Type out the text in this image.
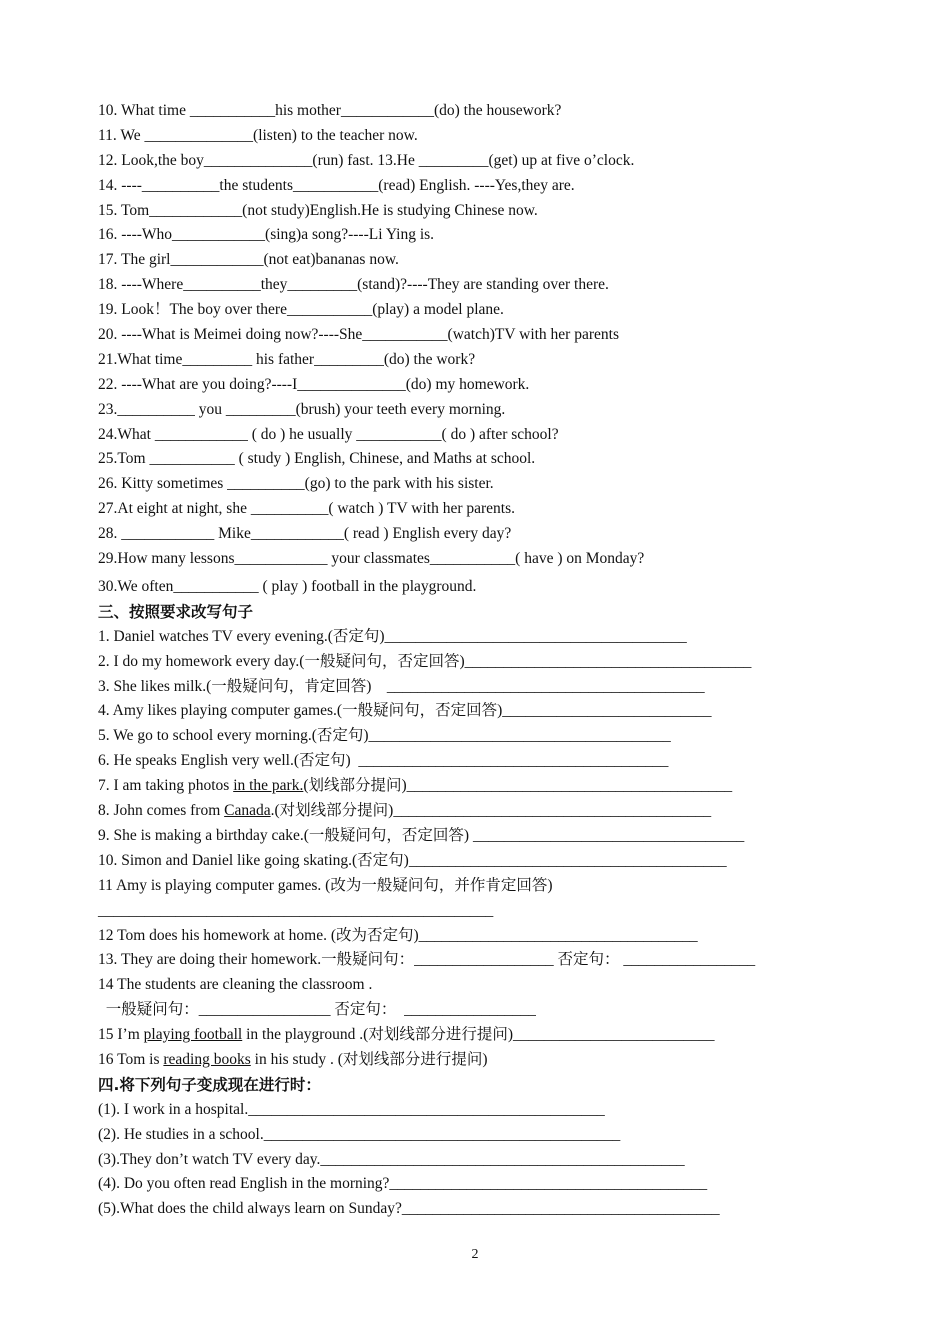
10. What time ___________his mother____________(do) the housework?
11. We ______________(listen) to the teacher now.
12. Look,the boy______________(run) fast. 13.He _________(get) up at five o’clock.
14. ----__________the students___________(read) English. ----Yes,they are.
15. Tom____________(not study)English.He is studying Chinese now.
16. ----Who____________(sing)a song?----Li Ying is.
17. The girl____________(not eat)bananas now.
18. ----Where__________they_________(stand)?----They are standing over there.
19. Look！The boy over there___________(play) a model plane.
20. ----What is Meimei doing now?----She___________(watch)TV with her parents
21.What time_________ his father_________(do) the work?
22. ----What are you doing?----I______________(do) my homework.
23.__________ you _________(brush) your teeth every morning.
24.What ____________ ( do ) he usually ___________( do ) after school?
25.Tom ___________ ( study ) English, Chinese, and Maths at school.
26. Kitty sometimes __________(go) to the park with his sister.
27.At eight at night, she __________( watch ) TV with her parents.
28. ____________ Mike____________( read ) English every day?
29.How many lessons____________ your classmates___________( have ) on Monday?
30.We often___________ ( play ) football in the playground.
三、按照要求改写句子
1. Daniel watches TV every evening.(否定句)_______________________________________
2. I do my homework every day.(一般疑问句，否定回答)_____________________________________
3. She likes milk.(一般疑问句，肯定回答)    _________________________________________
4. Amy likes playing computer games.(一般疑问句，否定回答)___________________________
5. We go to school every morning.(否定句)_______________________________________
6. He speaks English very well.(否定句)  ________________________________________
7. I am taking photos in the park.(划线部分提问)__________________________________________
8. John comes from Canada.(对划线部分提问)_________________________________________
9. She is making a birthday cake.(一般疑问句，否定回答) ___________________________________
10. Simon and Daniel like going skating.(否定句)_________________________________________
11 Amy is playing computer games. (改为一般疑问句，并作肯定回答)
___________________________________________________
12 Tom does his homework at home. (改为否定句)____________________________________
13. They are doing their homework.一般疑问句：__________________ 否定句： _________________
14 The students are cleaning the classroom .
一般疑问句：_________________ 否定句：  _________________
15 I’m playing football in the playground .(对划线部分进行提问)__________________________
16 Tom is reading books in his study . (对划线部分进行提问)
四.将下列句子变成现在进行时：
(1). I work in a hospital.______________________________________________
(2). He studies in a school.______________________________________________
(3).They don’t watch TV every day._______________________________________________
(4). Do you often read English in the morning?_________________________________________
(5).What does the child always learn on Sunday?_________________________________________
2
